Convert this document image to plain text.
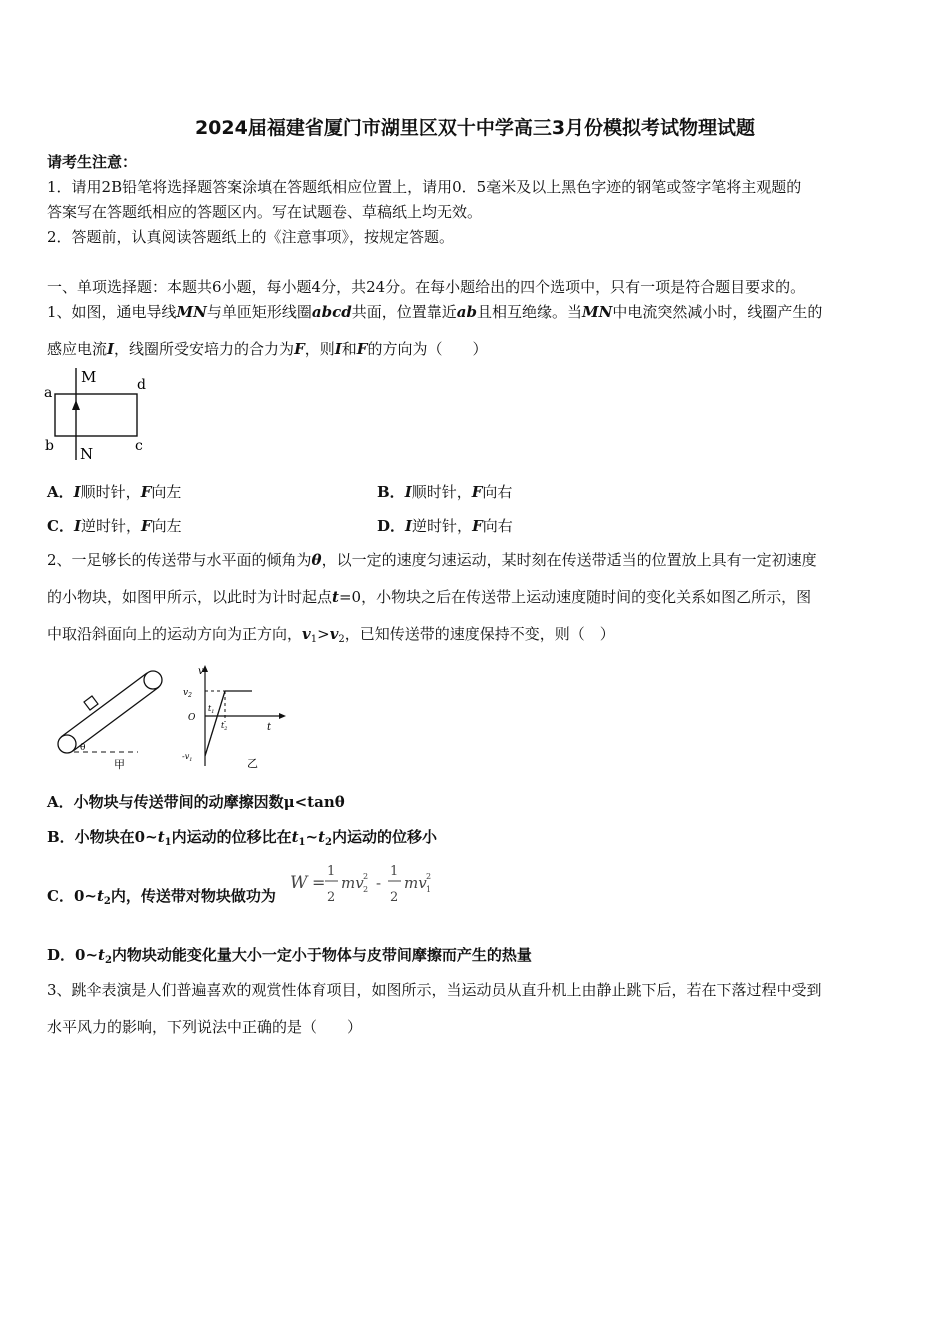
2024届福建省厦门市湖里区双十中学高三3月份模拟考试物理试题
请考生注意：
1．请用2B铅笔将选择题答案涂填在答题纸相应位置上，请用0．5毫米及以上黑色字迹的钢笔或签字笔将主观题的
答案写在答题纸相应的答题区内。写在试题卷、草稿纸上均无效。
2．答题前，认真阅读答题纸上的《注意事项》，按规定答题。
一、单项选择题：本题共6小题，每小题4分，共24分。在每小题给出的四个选项中，只有一项是符合题目要求的。
1、如图，通电导线MN与单匝矩形线圈abcd共面，位置靠近ab且相互绝缘。当MN中电流突然减小时，线圈产生的
感应电流I，线圈所受安培力的合力为F，则I和F的方向为（　　）
M
N
a
b	c
d
A．I顺时针，F向左	B．I顺时针，F向右
C．I逆时针，F向左	D．I逆时针，F向右
2、一足够长的传送带与水平面的倾角为θ，以一定的速度匀速运动，某时刻在传送带适当的位置放上具有一定初速度
的小物块，如图甲所示，以此时为计时起点t=0，小物块之后在传送带上运动速度随时间的变化关系如图乙所示，图
中取沿斜面向上的运动方向为正方向，$v_1>v_2$，已知传送带的速度保持不变，则（　）
θ
甲
$v_2$
v
O
$t_1$
$t_2$	t
$-v_1$	乙
A．小物块与传送带间的动摩擦因数μ<tanθ
B．小物块在$0\sim t_1$内运动的位移比在$t_1\sim t_2$内运动的位移小
C．$0\sim t_2$内，传送带对物块做功为
W =
1
2
mv 2
2 -
1
2
mv 1
2
D．$0\sim t_2$内物块动能变化量大小一定小于物体与皮带间摩擦而产生的热量
3、跳伞表演是人们普遍喜欢的观赏性体育项目，如图所示，当运动员从直升机上由静止跳下后，若在下落过程中受到
水平风力的影响，下列说法中正确的是（　　）
